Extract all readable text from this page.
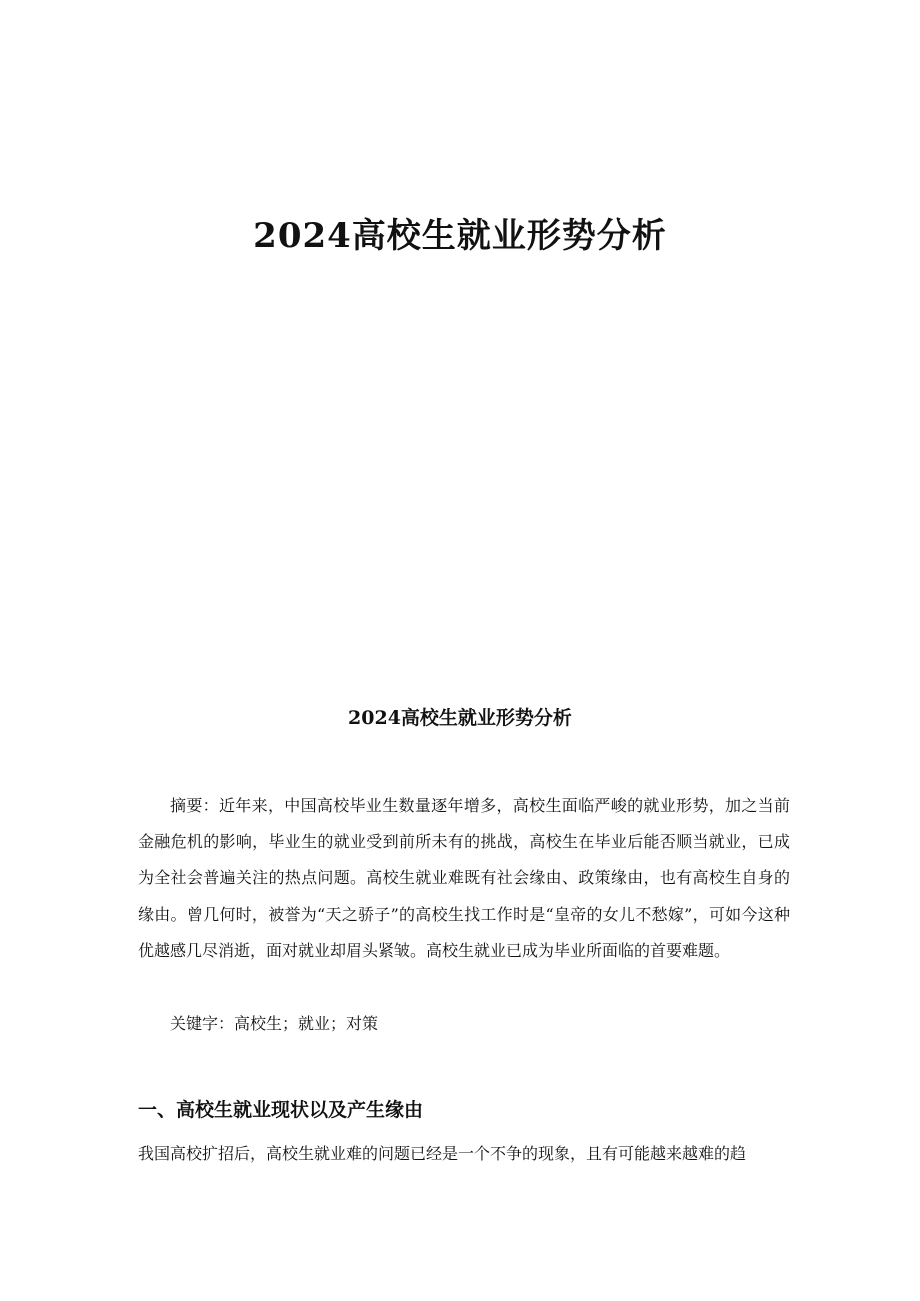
2024高校生就业形势分析
2024高校生就业形势分析

摘要：近年来，中国高校毕业生数量逐年增多，高校生面临严峻的就业形势，加之当前金融危机的影响，毕业生的就业受到前所未有的挑战，高校生在毕业后能否顺当就业，已成为全社会普遍关注的热点问题。高校生就业难既有社会缘由、政策缘由，也有高校生自身的缘由。曾几何时，被誉为“天之骄子”的高校生找工作时是“皇帝的女儿不愁嫁”，可如今这种优越感几尽消逝，面对就业却眉头紧皱。高校生就业已成为毕业所面临的首要难题。

关键字：高校生；就业；对策

一、高校生就业现状以及产生缘由

我国高校扩招后，高校生就业难的问题已经是一个不争的现象，且有可能越来越难的趋
